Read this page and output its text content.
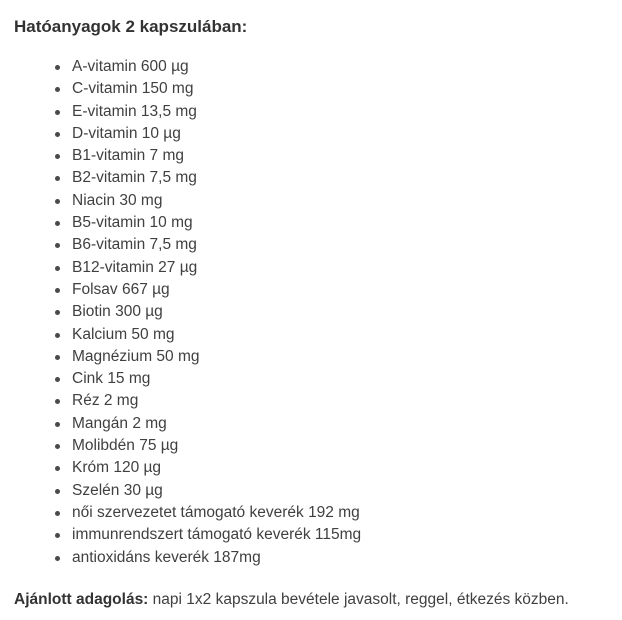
Hatóanyagok 2 kapszulában:

A-vitamin 600 µg
C-vitamin 150 mg
E-vitamin 13,5 mg
D-vitamin 10 µg
B1-vitamin 7 mg
B2-vitamin 7,5 mg
Niacin 30 mg
B5-vitamin 10 mg
B6-vitamin 7,5 mg
B12-vitamin 27 µg
Folsav 667 µg
Biotin 300 µg
Kalcium 50 mg
Magnézium 50 mg
Cink 15 mg
Réz 2 mg
Mangán 2 mg
Molibdén 75 µg
Króm 120 µg
Szelén 30 µg
női szervezetet támogató keverék 192 mg
immunrendszert támogató keverék 115mg
antioxidáns keverék 187mg

Ajánlott adagolás: napi 1x2 kapszula bevétele javasolt, reggel, étkezés közben.
